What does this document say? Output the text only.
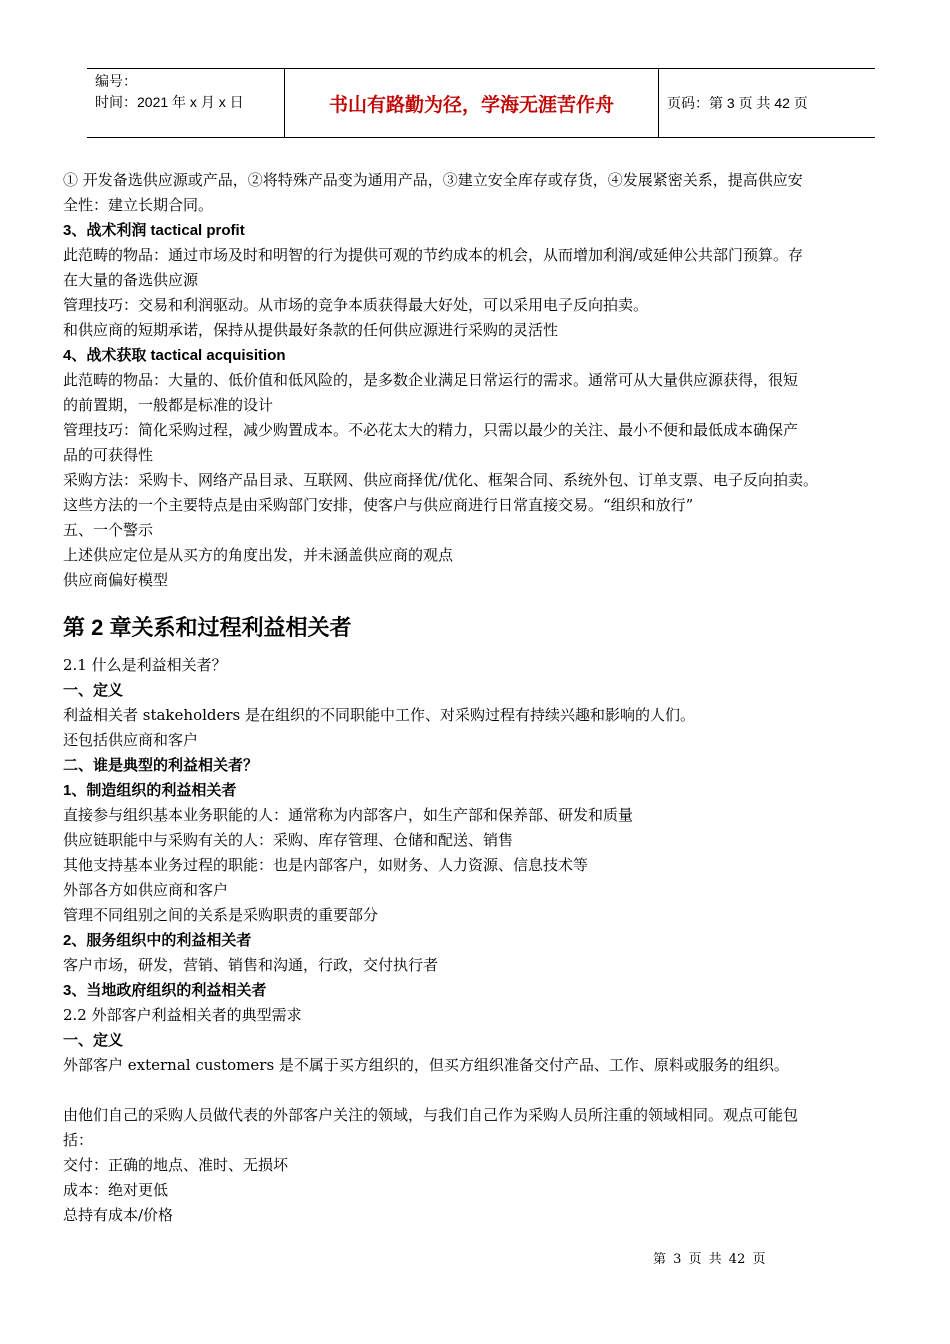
编号：
时间：2021 年 x 月 x 日	书山有路勤为径，学海无涯苦作舟	页码：第 3 页 共 42 页
① 开发备选供应源或产品，②将特殊产品变为通用产品，③建立安全库存或存货，④发展紧密关系，提高供应安
全性：建立长期合同。
3、战术利润 tactical profit
此范畴的物品：通过市场及时和明智的行为提供可观的节约成本的机会，从而增加利润/或延伸公共部门预算。存
在大量的备选供应源
管理技巧：交易和利润驱动。从市场的竞争本质获得最大好处，可以采用电子反向拍卖。
和供应商的短期承诺，保持从提供最好条款的任何供应源进行采购的灵活性
4、战术获取 tactical acquisition
此范畴的物品：大量的、低价值和低风险的，是多数企业满足日常运行的需求。通常可从大量供应源获得，很短
的前置期，一般都是标准的设计
管理技巧：简化采购过程，减少购置成本。不必花太大的精力，只需以最少的关注、最小不便和最低成本确保产
品的可获得性
采购方法：采购卡、网络产品目录、互联网、供应商择优/优化、框架合同、系统外包、订单支票、电子反向拍卖。
这些方法的一个主要特点是由采购部门安排，使客户与供应商进行日常直接交易。“组织和放行”
五、一个警示
上述供应定位是从买方的角度出发，并未涵盖供应商的观点
供应商偏好模型
第 2 章关系和过程利益相关者
2.1 什么是利益相关者？
一、定义
利益相关者 stakeholders 是在组织的不同职能中工作、对采购过程有持续兴趣和影响的人们。
还包括供应商和客户
二、谁是典型的利益相关者？
1、制造组织的利益相关者
直接参与组织基本业务职能的人：通常称为内部客户，如生产部和保养部、研发和质量
供应链职能中与采购有关的人：采购、库存管理、仓储和配送、销售
其他支持基本业务过程的职能：也是内部客户，如财务、人力资源、信息技术等
外部各方如供应商和客户
管理不同组别之间的关系是采购职责的重要部分
2、服务组织中的利益相关者
客户市场，研发，营销、销售和沟通，行政，交付执行者
3、当地政府组织的利益相关者
2.2 外部客户利益相关者的典型需求
一、定义
外部客户 external customers 是不属于买方组织的，但买方组织准备交付产品、工作、原料或服务的组织。
由他们自己的采购人员做代表的外部客户关注的领域，与我们自己作为采购人员所注重的领域相同。观点可能包
括：
交付：正确的地点、准时、无损坏
成本：绝对更低
总持有成本/价格
第 3 页 共 42 页
